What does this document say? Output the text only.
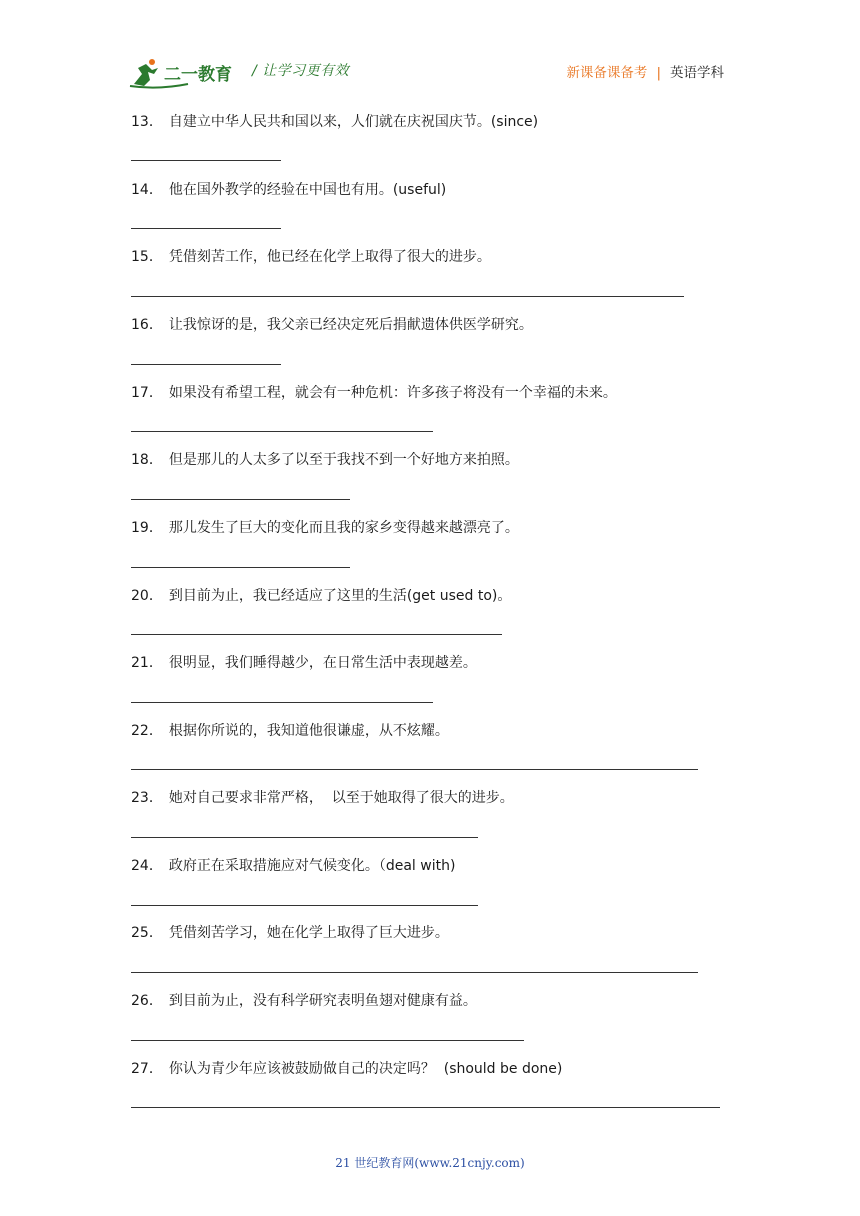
二一教育 / 让学习更有效	新课备课备考 | 英语学科
13． 自建立中华人民共和国以来，人们就在庆祝国庆节。(since)
14． 他在国外教学的经验在中国也有用。(useful)
15． 凭借刻苦工作，他已经在化学上取得了很大的进步。
16． 让我惊讶的是，我父亲已经决定死后捐献遗体供医学研究。
17． 如果没有希望工程，就会有一种危机：许多孩子将没有一个幸福的未来。
18． 但是那儿的人太多了以至于我找不到一个好地方来拍照。
19． 那儿发生了巨大的变化而且我的家乡变得越来越漂亮了。
20． 到目前为止，我已经适应了这里的生活(get used to)。
21． 很明显，我们睡得越少，在日常生活中表现越差。
22． 根据你所说的，我知道他很谦虚，从不炫耀。
23． 她对自己要求非常严格，  以至于她取得了很大的进步。
24． 政府正在采取措施应对气候变化。（deal with)
25． 凭借刻苦学习，她在化学上取得了巨大进步。
26． 到目前为止，没有科学研究表明鱼翅对健康有益。
27． 你认为青少年应该被鼓励做自己的决定吗？  (should be done)
21 世纪教育网(www.21cnjy.com)
